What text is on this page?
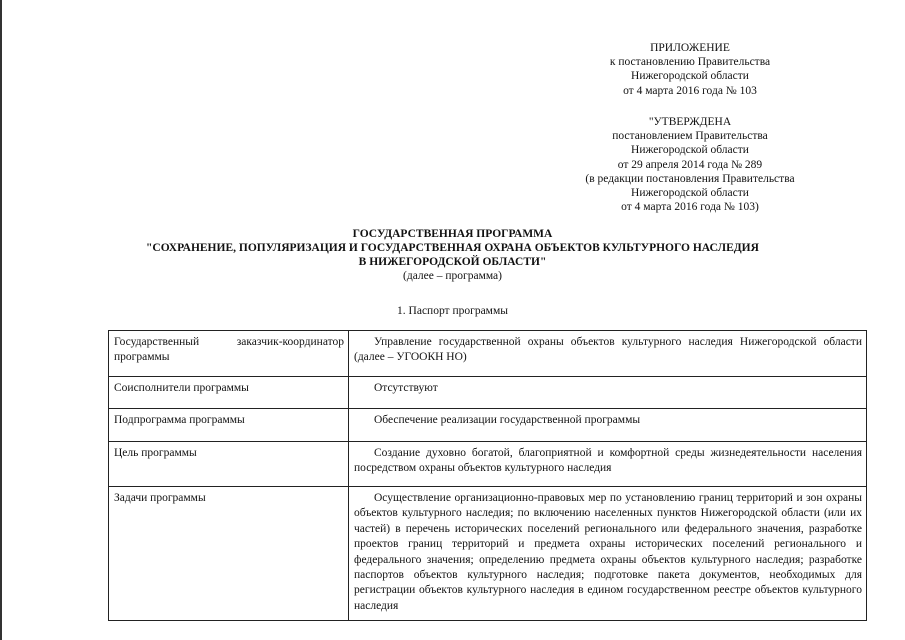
ПРИЛОЖЕНИЕ
к постановлению Правительства
Нижегородской области
от 4 марта 2016 года № 103
"УТВЕРЖДЕНА
постановлением Правительства
Нижегородской области
от 29 апреля 2014 года № 289
(в редакции постановления Правительства
Нижегородской области
от 4 марта 2016 года № 103)
ГОСУДАРСТВЕННАЯ ПРОГРАММА
"СОХРАНЕНИЕ, ПОПУЛЯРИЗАЦИЯ И ГОСУДАРСТВЕННАЯ ОХРАНА ОБЪЕКТОВ КУЛЬТУРНОГО НАСЛЕДИЯ
В НИЖЕГОРОДСКОЙ ОБЛАСТИ"
(далее – программа)
1. Паспорт программы
Государственный заказчик-координатор программы	Управление государственной охраны объектов культурного наследия Нижегородской области (далее – УГООКН НО)
Соисполнители программы	Отсутствуют
Подпрограмма программы	Обеспечение реализации государственной программы
Цель программы	Создание духовно богатой, благоприятной и комфортной среды жизнедеятельности населения посредством охраны объектов культурного наследия
Задачи программы	Осуществление организационно-правовых мер по установлению границ территорий и зон охраны объектов культурного наследия; по включению населенных пунктов Нижегородской области (или их частей) в перечень исторических поселений регионального или федерального значения, разработке проектов границ территорий и предмета охраны исторических поселений регионального и федерального значения; определению предмета охраны объектов культурного наследия; разработке паспортов объектов культурного наследия; подготовке пакета документов, необходимых для регистрации объектов культурного наследия в едином государственном реестре объектов культурного наследия
